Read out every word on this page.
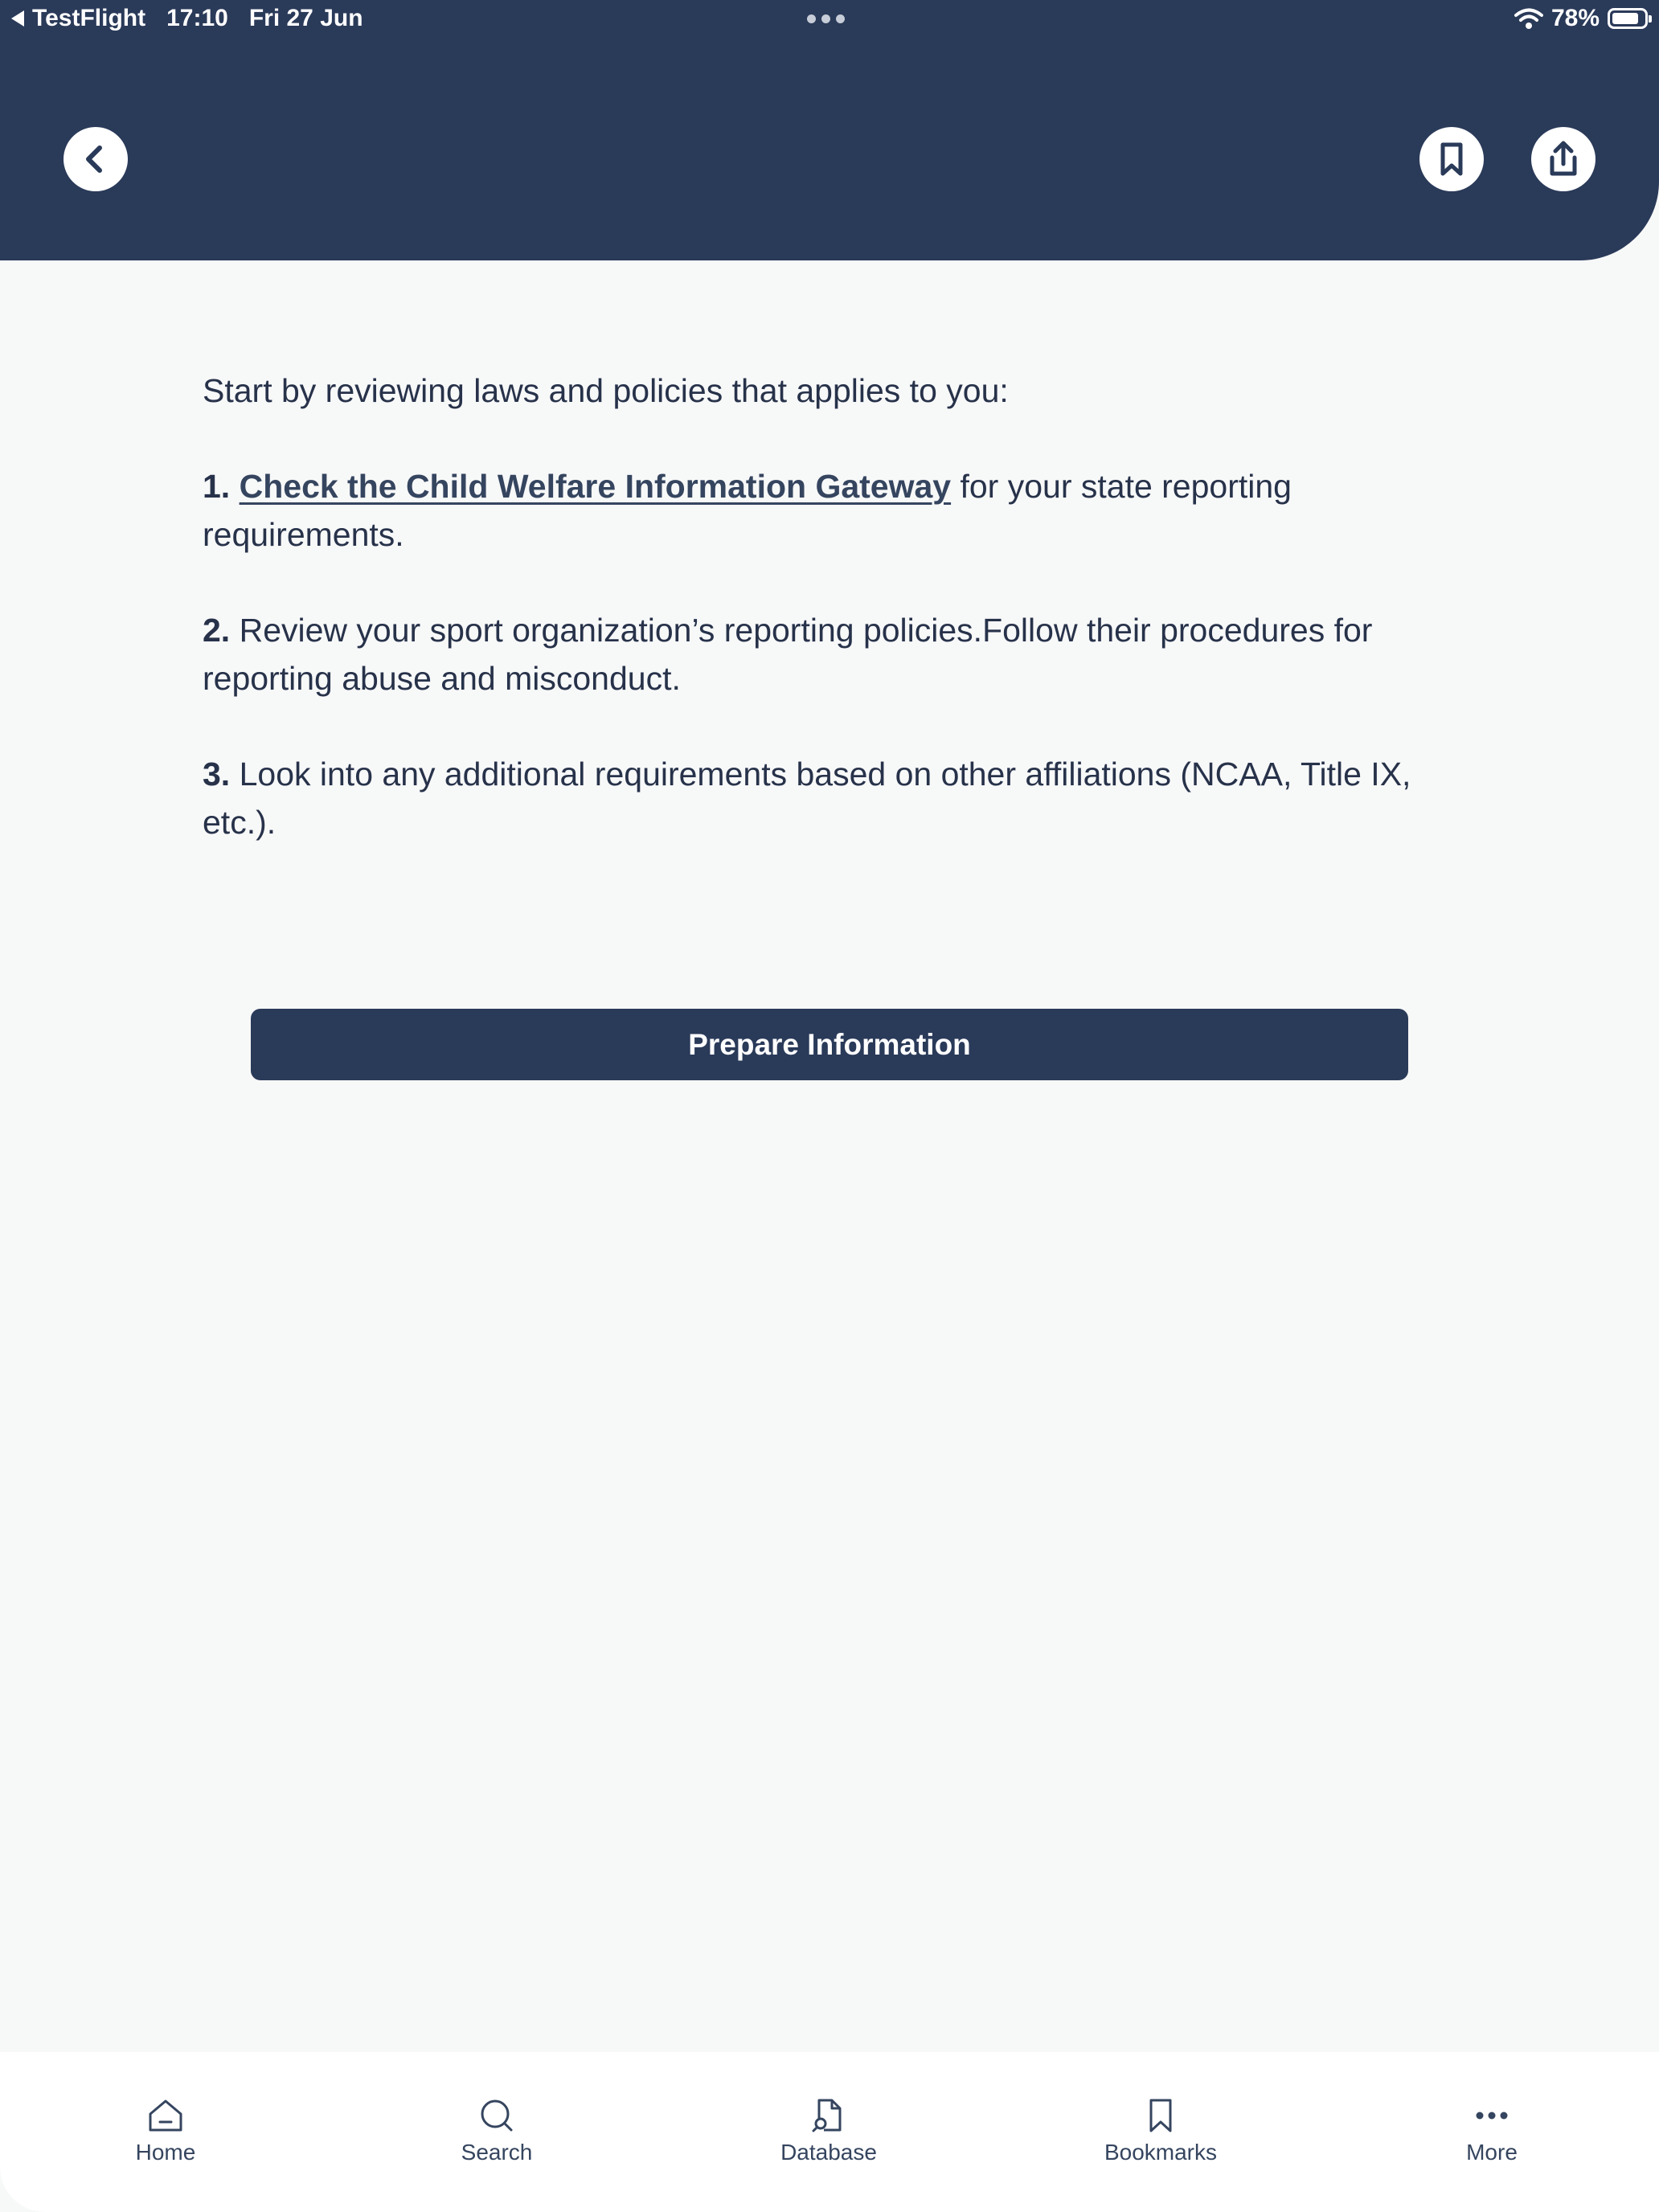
TestFlight 17:10 Fri 27 Jun	78%

Start by reviewing laws and policies that applies to you:

1. Check the Child Welfare Information Gateway for your state reporting requirements.

2. Review your sport organization’s reporting policies.Follow their procedures for reporting abuse and misconduct.

3. Look into any additional requirements based on other affiliations (NCAA, Title IX, etc.).

Prepare Information
Home	Search	Database	Bookmarks	More
